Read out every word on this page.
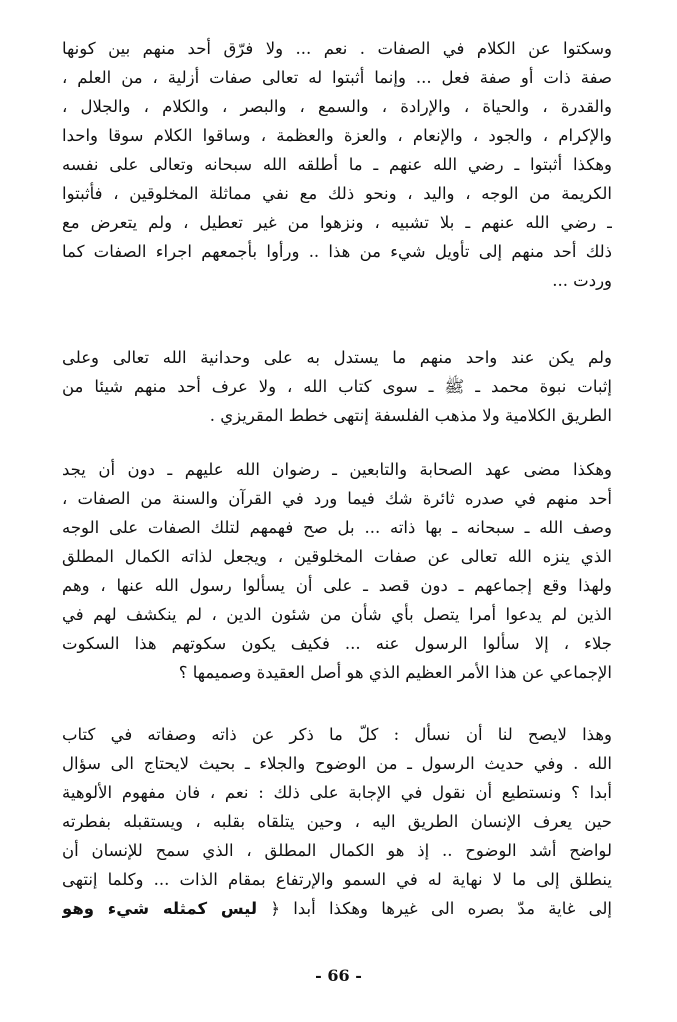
وسكتوا عن الكلام في الصفات . نعم ... ولا فرّق أحد منهم بين كونها
صفة ذات أو صفة فعل ... وإنما أثبتوا له تعالى صفات أزلية ، من العلم ،
والقدرة ، والحياة ، والإرادة ، والسمع ، والبصر ، والكلام ، والجلال ،
والإكرام ، والجود ، والإنعام ، والعزة والعظمة ، وساقوا الكلام سوقا واحدا
وهكذا أثبتوا ـ رضي الله عنهم ـ ما أطلقه الله سبحانه وتعالى على نفسه
الكريمة من الوجه ، واليد ، ونحو ذلك مع نفي مماثلة المخلوقين ، فأثبتوا
ـ رضي الله عنهم ـ بلا تشبيه ، ونزهوا من غير تعطيل ، ولم يتعرض مع
ذلك أحد منهم إلى تأويل شيء من هذا .. ورأوا بأجمعهم اجراء الصفات كما
وردت ...
ولم يكن عند واحد منهم ما يستدل به على وحدانية الله تعالى وعلى
إثبات نبوة محمد ـ ﷺ ـ سوى كتاب الله ، ولا عرف أحد منهم شيئا من
الطريق الكلامية ولا مذهب الفلسفة إنتهى خطط المقريزي .
وهكذا مضى عهد الصحابة والتابعين ـ رضوان الله عليهم ـ دون أن يجد
أحد منهم في صدره ثائرة شك فيما ورد في القرآن والسنة من الصفات ،
وصف الله ـ سبحانه ـ بها ذاته ... بل صح فهمهم لتلك الصفات على الوجه
الذي ينزه الله تعالى عن صفات المخلوقين ، ويجعل لذاته الكمال المطلق
ولهذا وقع إجماعهم ـ دون قصد ـ على أن يسألوا رسول الله عنها ، وهم
الذين لم يدعوا أمرا يتصل بأي شأن من شئون الدين ، لم ينكشف لهم في
جلاء ، إلا سألوا الرسول عنه ... فكيف يكون سكوتهم هذا السكوت
الإجماعي عن هذا الأمر العظيم الذي هو أصل العقيدة وصميمها ؟
وهذا لايصح لنا أن نسأل : كلّ ما ذكر عن ذاته وصفاته في كتاب
الله . وفي حديث الرسول ـ من الوضوح والجلاء ـ بحيث لايحتاج الى سؤال
أبدا ؟ ونستطيع أن نقول في الإجابة على ذلك : نعم ، فان مفهوم الألوهية
حين يعرف الإنسان الطريق اليه ، وحين يتلقاه بقلبه ، ويستقبله بفطرته
لواضح أشد الوضوح .. إذ هو الكمال المطلق ، الذي سمح للإنسان أن
ينطلق إلى ما لا نهاية له في السمو والإرتفاع بمقام الذات ... وكلما إنتهى
إلى غاية مدّ بصره الى غيرها وهكذا أبدا ﴿ ليس كمثله شيء وهو
- 66 -
